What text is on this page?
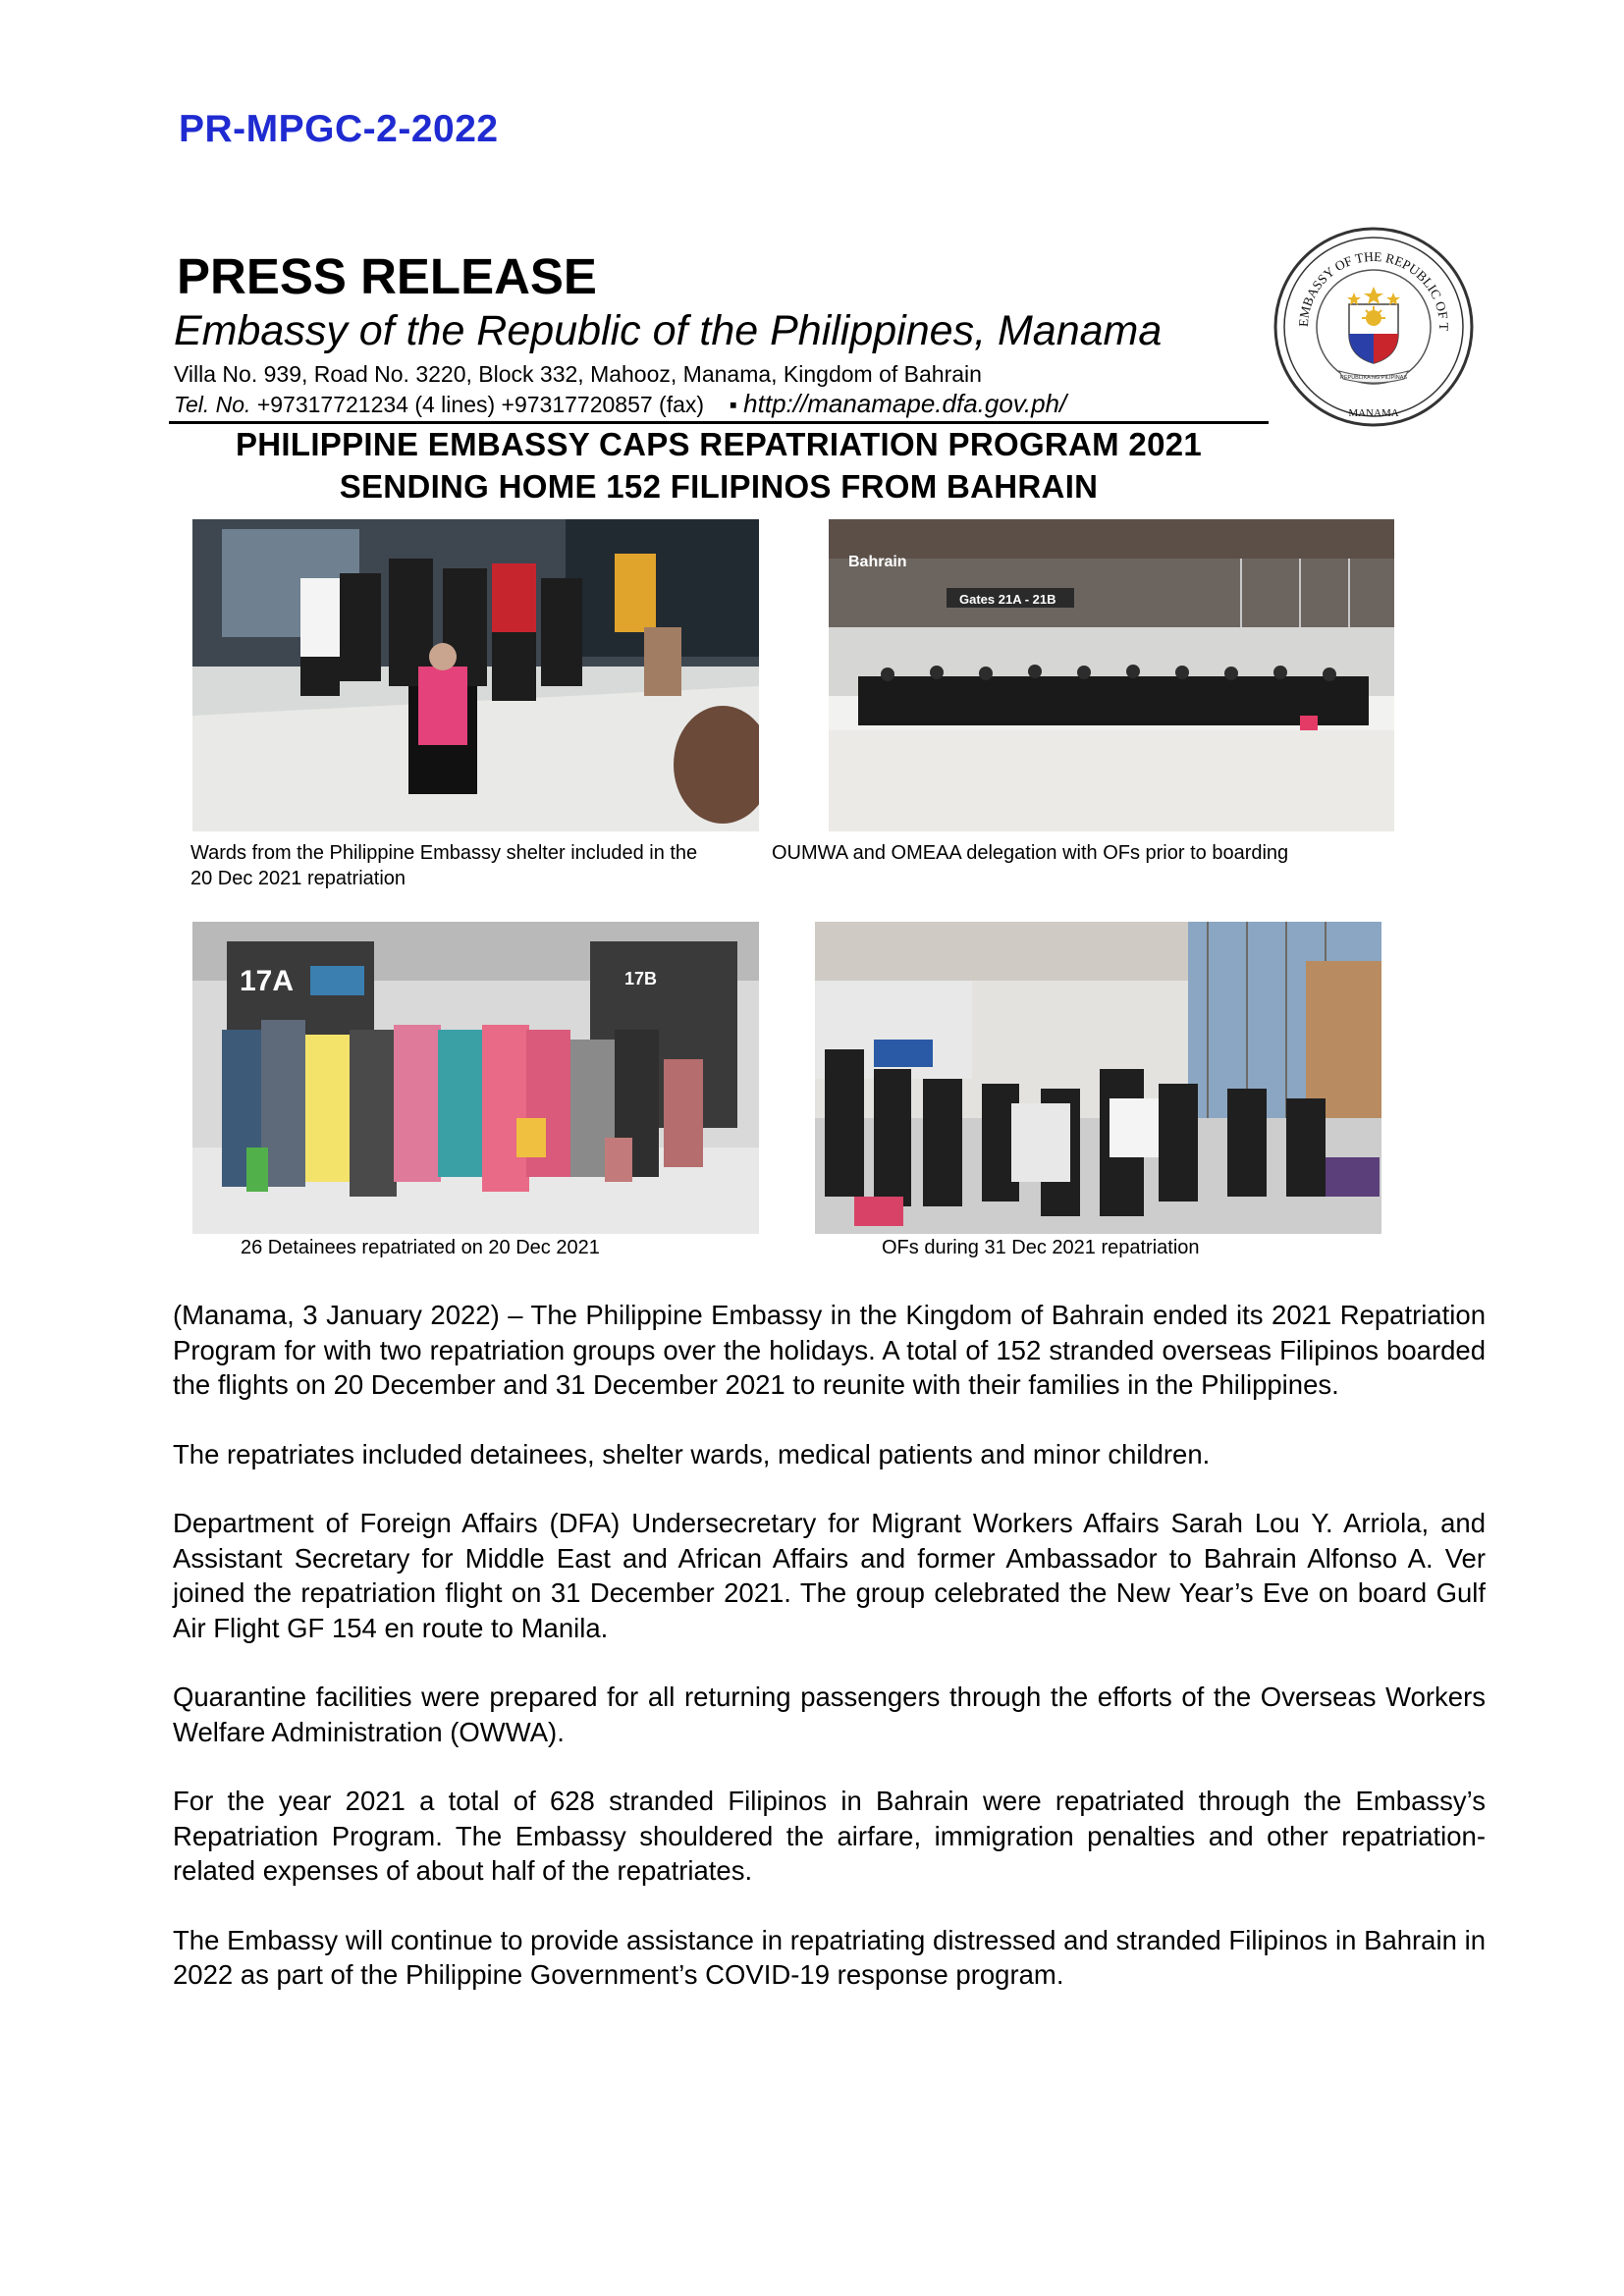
PR-MPGC-2-2022
PRESS RELEASE
Embassy of the Republic of the Philippines, Manama
Villa No. 939, Road No. 3220, Block 332, Mahooz, Manama, Kingdom of Bahrain
Tel. No. +97317721234 (4 lines) +97317720857 (fax) ▪ http://manamape.dfa.gov.ph/
EMBASSY OF THE REPUBLIC OF T
MANAMA
REPUBLIKA NG PILIPINAS
PHILIPPINE EMBASSY CAPS REPATRIATION PROGRAM 2021
SENDING HOME 152 FILIPINOS FROM BAHRAIN
Wards from the Philippine Embassy shelter included in the 20 Dec 2021 repatriation
Bahrain
Gates 21A - 21B
OUMWA and OMEAA delegation with OFs prior to boarding
17A	17B
26 Detainees repatriated on 20 Dec 2021	OFs during 31 Dec 2021 repatriation

(Manama, 3 January 2022) – The Philippine Embassy in the Kingdom of Bahrain ended its 2021 Repatriation Program for with two repatriation groups over the holidays. A total of 152 stranded overseas Filipinos boarded the flights on 20 December and 31 December 2021 to reunite with their families in the Philippines.

The repatriates included detainees, shelter wards, medical patients and minor children.

Department of Foreign Affairs (DFA) Undersecretary for Migrant Workers Affairs Sarah Lou Y. Arriola, and Assistant Secretary for Middle East and African Affairs and former Ambassador to Bahrain Alfonso A. Ver joined the repatriation flight on 31 December 2021. The group celebrated the New Year’s Eve on board Gulf Air Flight GF 154 en route to Manila.

Quarantine facilities were prepared for all returning passengers through the efforts of the Overseas Workers Welfare Administration (OWWA).

For the year 2021 a total of 628 stranded Filipinos in Bahrain were repatriated through the Embassy’s Repatriation Program. The Embassy shouldered the airfare, immigration penalties and other repatriation-related expenses of about half of the repatriates.

The Embassy will continue to provide assistance in repatriating distressed and stranded Filipinos in Bahrain in 2022 as part of the Philippine Government’s COVID-19 response program.
